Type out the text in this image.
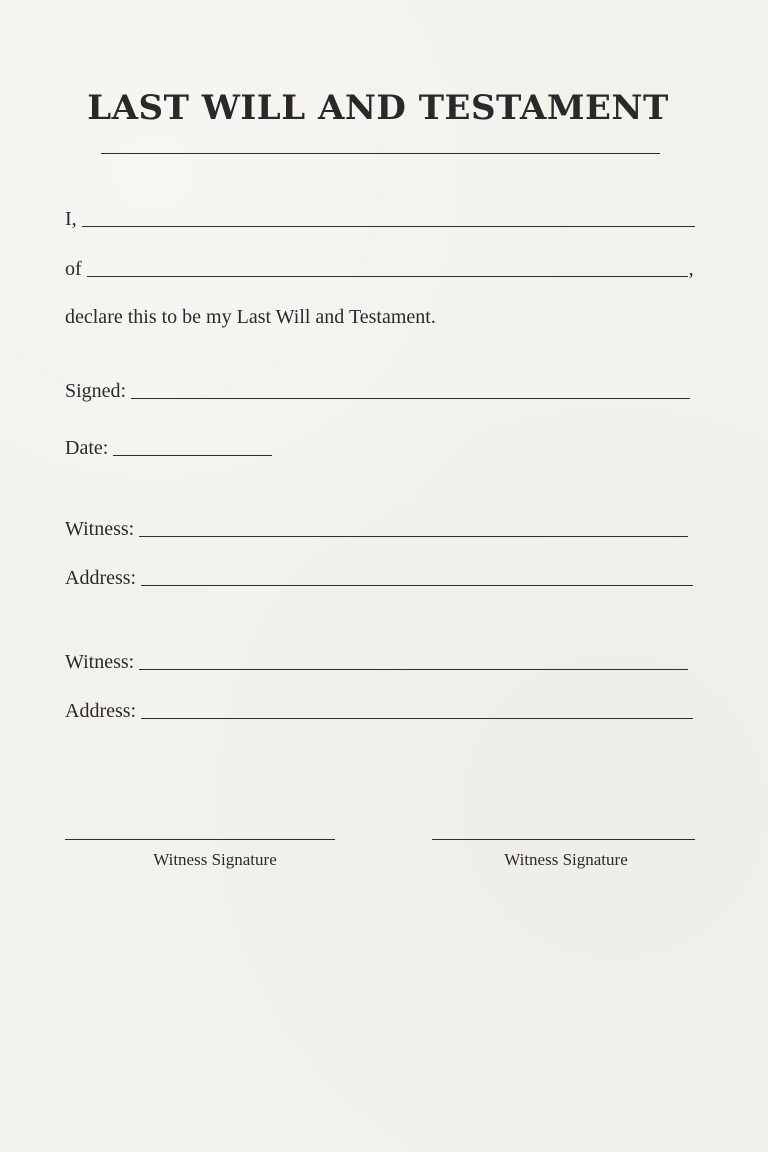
LAST WILL AND TESTAMENT
I,
of	,
declare this to be my Last Will and Testament.
Signed:
Date:
Witness:
Address:
Witness:
Address:
Witness Signature	Witness Signature
